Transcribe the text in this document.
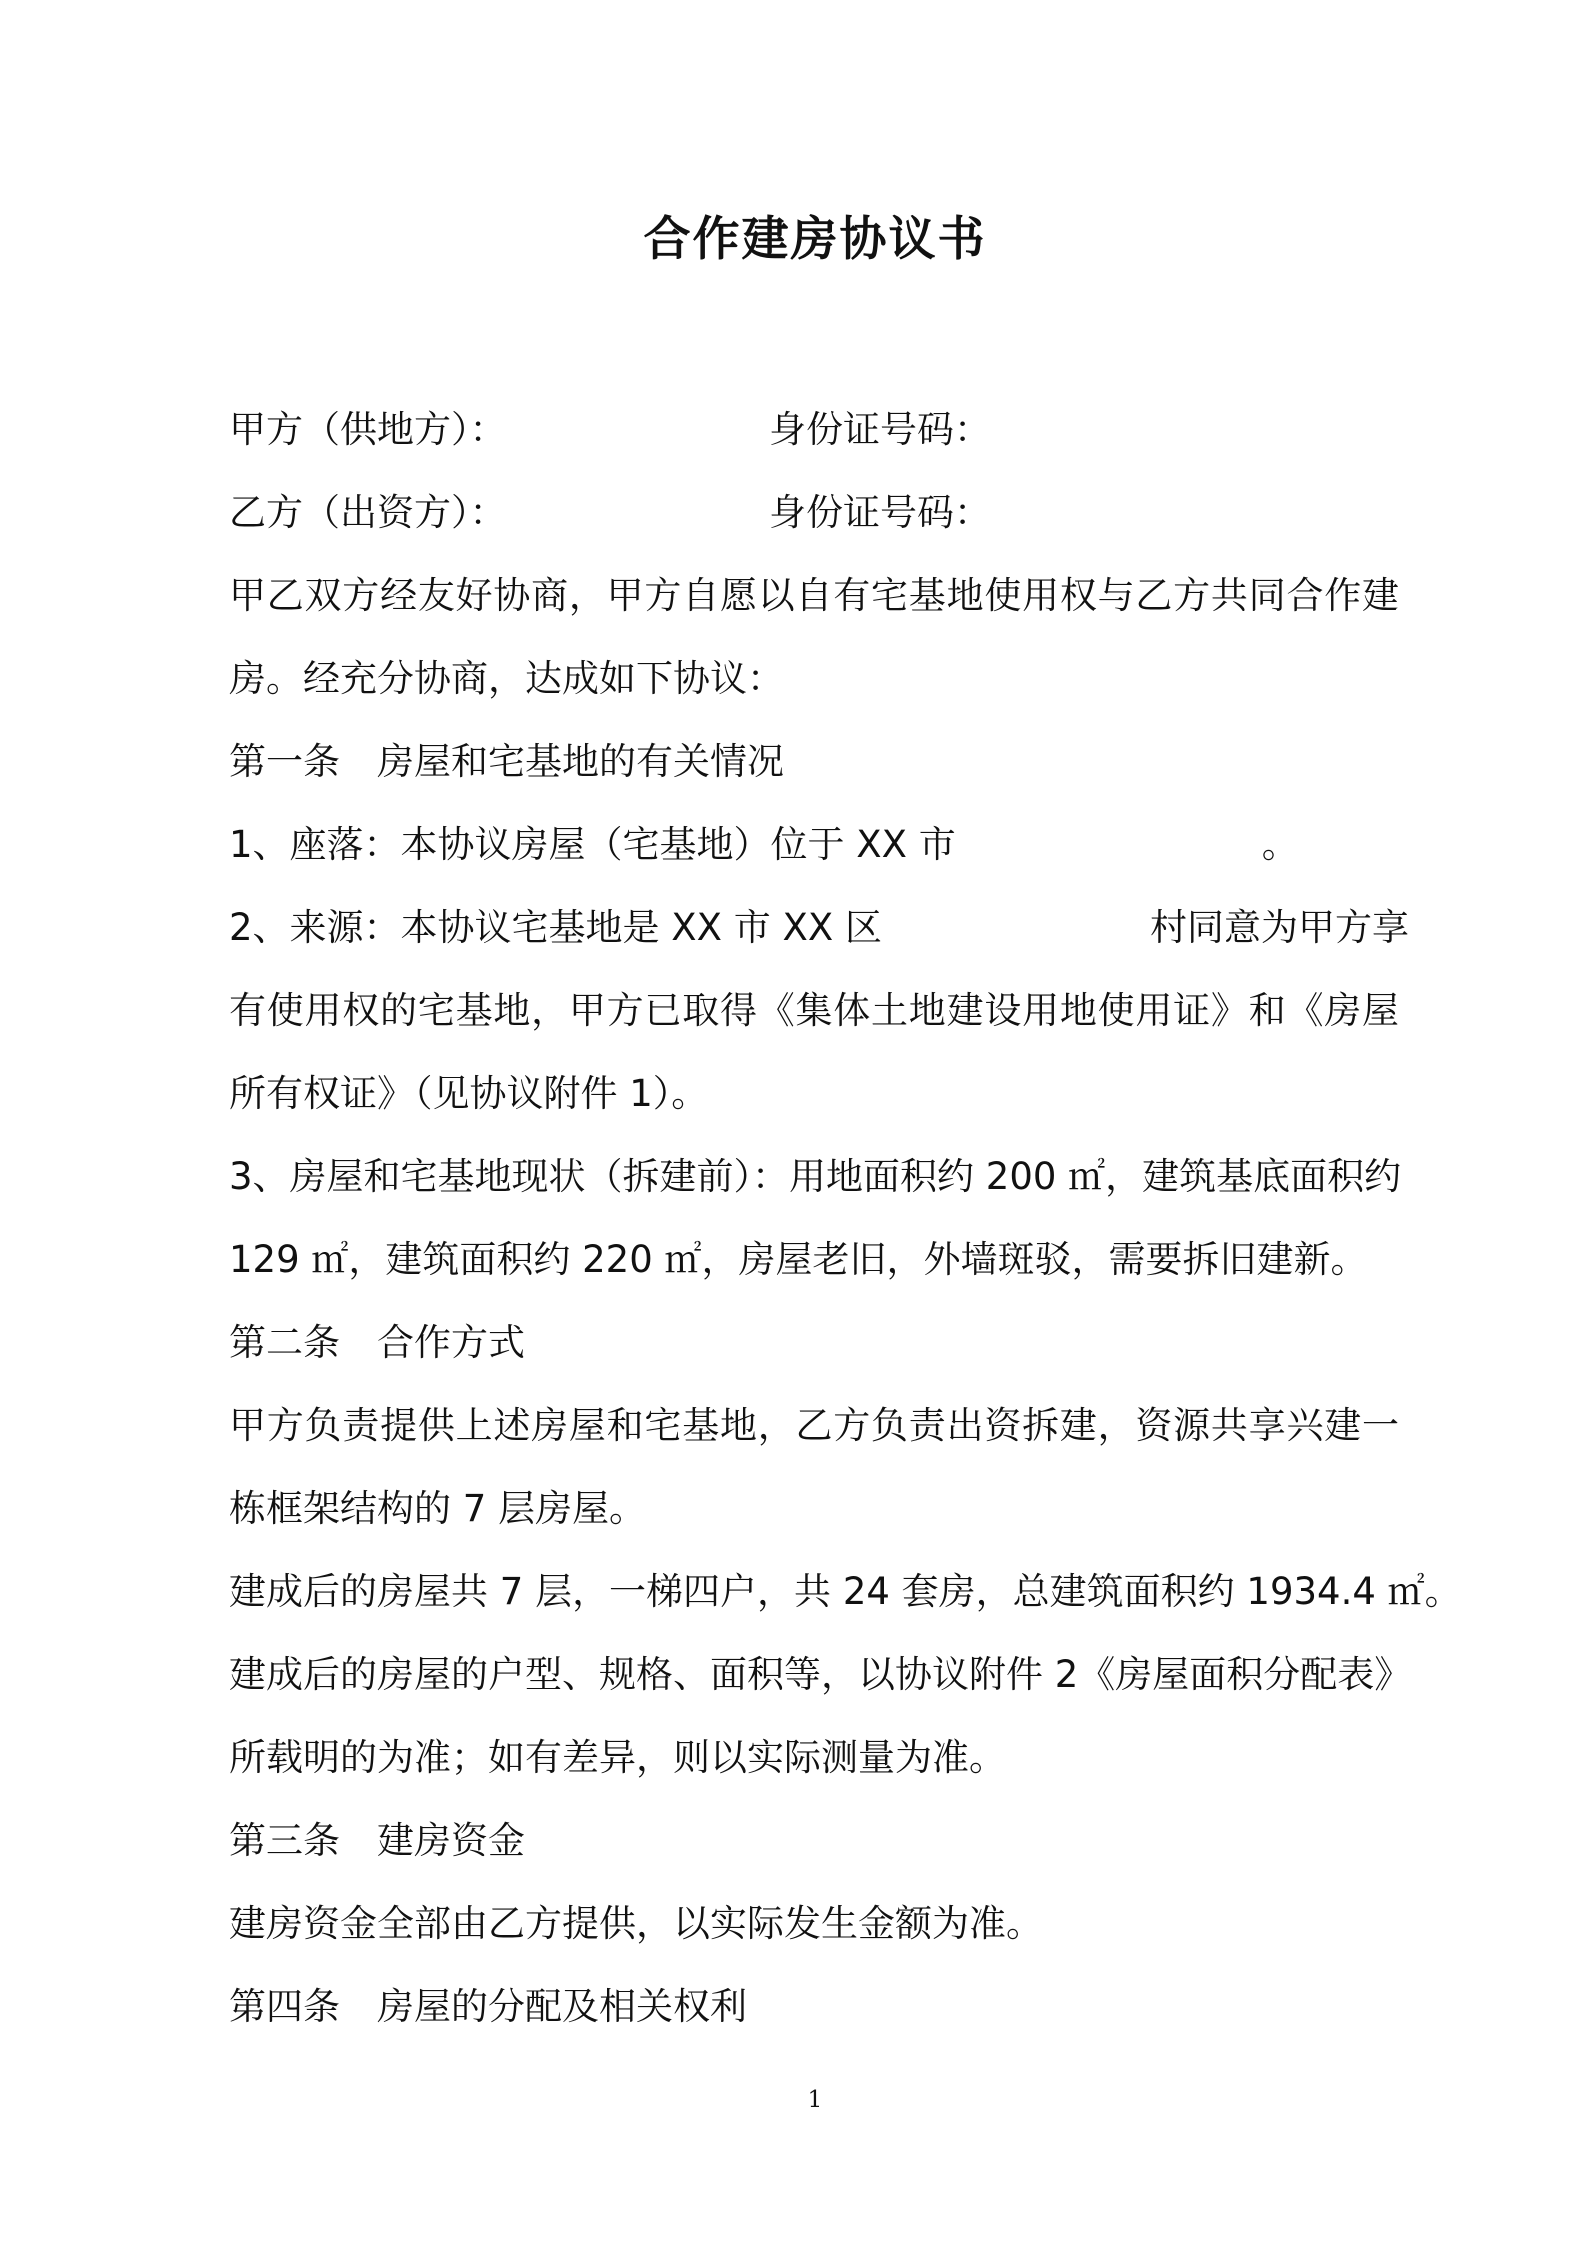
合作建房协议书
甲方（供地方）：	身份证号码：
乙方（出资方）：	身份证号码：
甲乙双方经友好协商，甲方自愿以自有宅基地使用权与乙方共同合作建
房。经充分协商，达成如下协议：
第一条 房屋和宅基地的有关情况
1、座落：本协议房屋（宅基地）位于 XX 市	。
2、来源：本协议宅基地是 XX 市 XX 区	村同意为甲方享
有使用权的宅基地，甲方已取得《集体土地建设用地使用证》和《房屋
所有权证》（见协议附件 1）。
3、房屋和宅基地现状（拆建前）：用地面积约 200 ㎡，建筑基底面积约
129 ㎡，建筑面积约 220 ㎡，房屋老旧，外墙斑驳，需要拆旧建新。
第二条 合作方式
甲方负责提供上述房屋和宅基地，乙方负责出资拆建，资源共享兴建一
栋框架结构的 7 层房屋。
建成后的房屋共 7 层，一梯四户，共 24 套房，总建筑面积约 1934.4 ㎡。
建成后的房屋的户型、规格、面积等，以协议附件 2《房屋面积分配表》
所载明的为准；如有差异，则以实际测量为准。
第三条 建房资金
建房资金全部由乙方提供，以实际发生金额为准。
第四条 房屋的分配及相关权利
1
